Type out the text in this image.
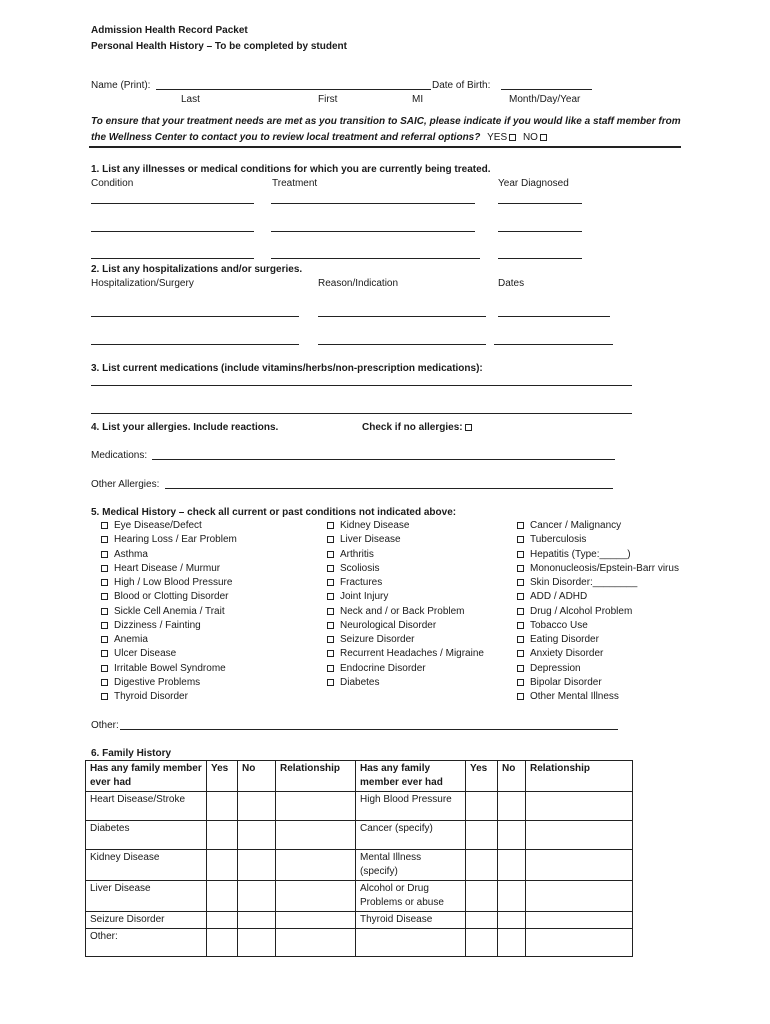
Admission Health Record Packet
Personal Health History – To be completed by student
Name (Print):	Date of Birth:
Last	First	MI	Month/Day/Year
To ensure that your treatment needs are met as you transition to SAIC, please indicate if you would like a staff member from
the Wellness Center to contact you to review local treatment and referral options? YES NO
1. List any illnesses or medical conditions for which you are currently being treated.
Condition	Treatment	Year Diagnosed
2. List any hospitalizations and/or surgeries.
Hospitalization/Surgery	Reason/Indication	Dates
3. List current medications (include vitamins/herbs/non-prescription medications):
4. List your allergies. Include reactions.	Check if no allergies:
Medications:
Other Allergies:
5. Medical History – check all current or past conditions not indicated above:
Eye Disease/Defect
Hearing Loss / Ear Problem
Asthma
Heart Disease / Murmur
High / Low Blood Pressure
Blood or Clotting Disorder
Sickle Cell Anemia / Trait
Dizziness / Fainting
Anemia
Ulcer Disease
Irritable Bowel Syndrome
Digestive Problems
Thyroid Disorder
Kidney Disease
Liver Disease
Arthritis
Scoliosis
Fractures
Joint Injury
Neck and / or Back Problem
Neurological Disorder
Seizure Disorder
Recurrent Headaches / Migraine
Endocrine Disorder
Diabetes
Cancer / Malignancy
Tuberculosis
Hepatitis (Type:_____)
Mononucleosis/Epstein-Barr virus
Skin Disorder:________
ADD / ADHD
Drug / Alcohol Problem
Tobacco Use
Eating Disorder
Anxiety Disorder
Depression
Bipolar Disorder
Other Mental Illness
Other:
6. Family History
Has any family member ever had	Yes	No	Relationship	Has any family member ever had	Yes	No	Relationship
Heart Disease/Stroke				High Blood Pressure			
Diabetes				Cancer (specify)			
Kidney Disease				Mental Illness (specify)			
Liver Disease				Alcohol or Drug Problems or abuse			
Seizure Disorder				Thyroid Disease			
Other:							
